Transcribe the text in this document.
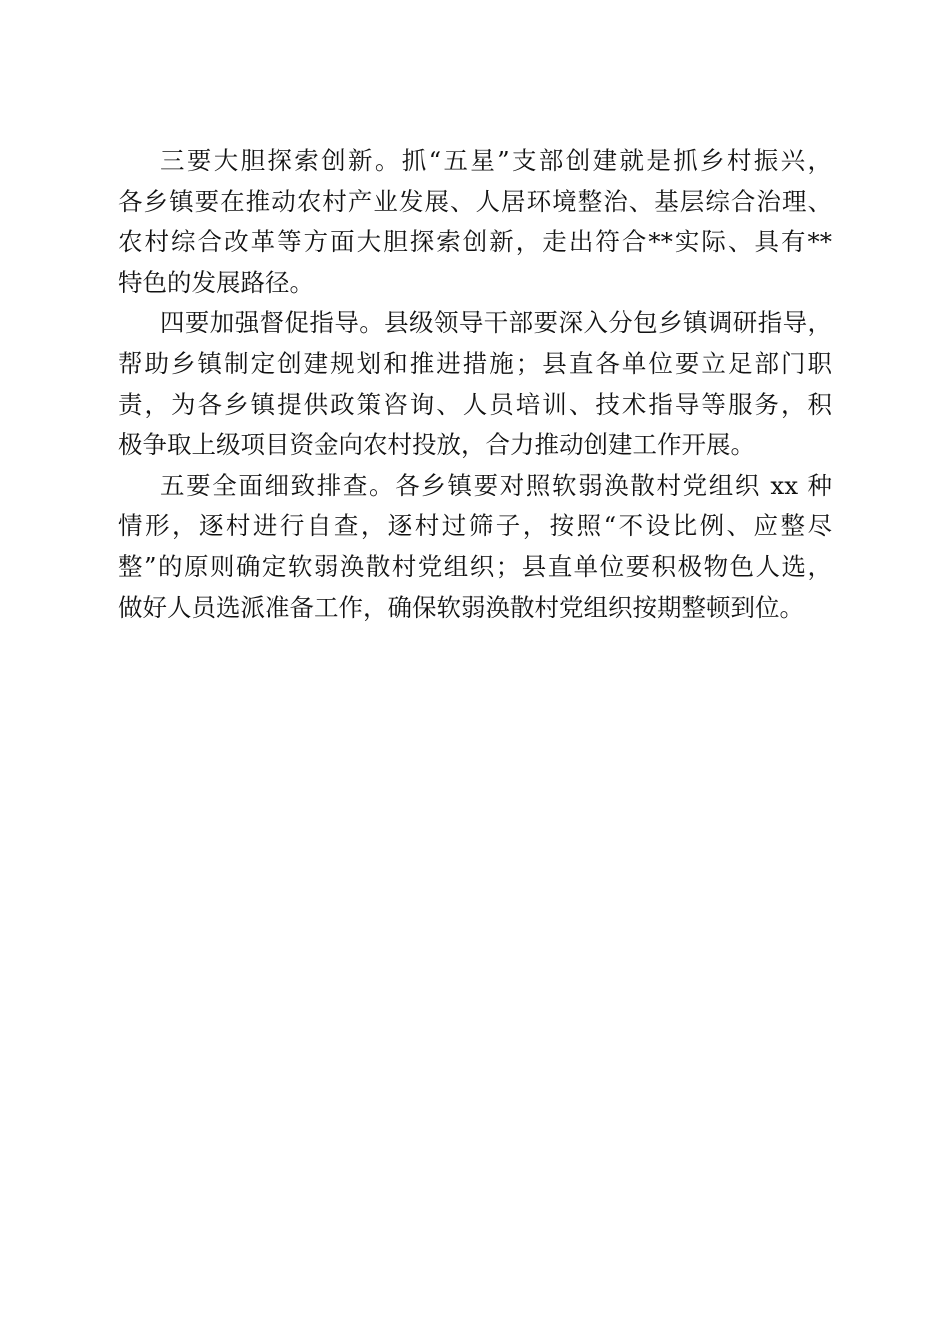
三要大胆探索创新。抓“五星”支部创建就是抓乡村振兴，
各乡镇要在推动农村产业发展、人居环境整治、基层综合治理、
农村综合改革等方面大胆探索创新，走出符合**实际、具有**
特色的发展路径。
四要加强督促指导。县级领导干部要深入分包乡镇调研指导，
帮助乡镇制定创建规划和推进措施；县直各单位要立足部门职
责，为各乡镇提供政策咨询、人员培训、技术指导等服务，积
极争取上级项目资金向农村投放，合力推动创建工作开展。
五要全面细致排查。各乡镇要对照软弱涣散村党组织 xx 种
情形，逐村进行自查，逐村过筛子，按照“不设比例、应整尽
整”的原则确定软弱涣散村党组织；县直单位要积极物色人选，
做好人员选派准备工作，确保软弱涣散村党组织按期整顿到位。
